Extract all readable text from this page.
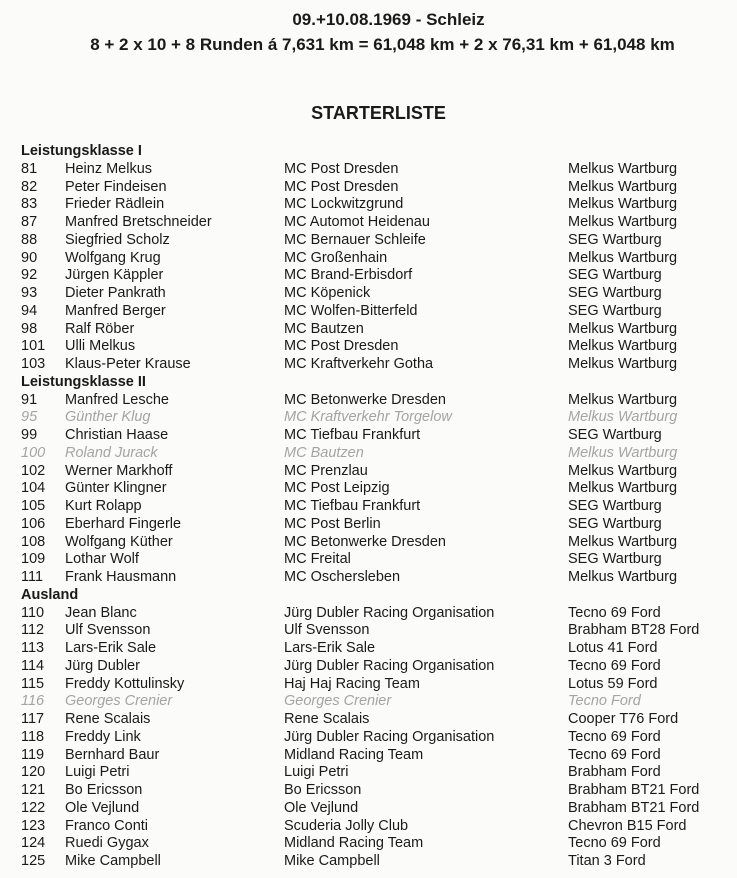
09.+10.08.1969 - Schleiz
8 + 2 x 10 + 8 Runden á 7,631 km = 61,048 km + 2 x 76,31 km + 61,048 km
STARTERLISTE
Leistungsklasse I
81 Heinz Melkus	MC Post Dresden	Melkus Wartburg
82 Peter Findeisen	MC Post Dresden	Melkus Wartburg
83 Frieder Rädlein	MC Lockwitzgrund	Melkus Wartburg
87 Manfred Bretschneider	MC Automot Heidenau	Melkus Wartburg
88 Siegfried Scholz	MC Bernauer Schleife	SEG Wartburg
90 Wolfgang Krug	MC Großenhain	Melkus Wartburg
92 Jürgen Käppler	MC Brand-Erbisdorf	SEG Wartburg
93 Dieter Pankrath	MC Köpenick	SEG Wartburg
94 Manfred Berger	MC Wolfen-Bitterfeld	SEG Wartburg
98 Ralf Röber	MC Bautzen	Melkus Wartburg
101 Ulli Melkus	MC Post Dresden	Melkus Wartburg
103 Klaus-Peter Krause	MC Kraftverkehr Gotha	Melkus Wartburg
Leistungsklasse II
91 Manfred Lesche	MC Betonwerke Dresden	Melkus Wartburg
95 Günther Klug	MC Kraftverkehr Torgelow	Melkus Wartburg
99 Christian Haase	MC Tiefbau Frankfurt	SEG Wartburg
100 Roland Jurack	MC Bautzen	Melkus Wartburg
102 Werner Markhoff	MC Prenzlau	Melkus Wartburg
104 Günter Klingner	MC Post Leipzig	Melkus Wartburg
105 Kurt Rolapp	MC Tiefbau Frankfurt	SEG Wartburg
106 Eberhard Fingerle	MC Post Berlin	SEG Wartburg
108 Wolfgang Küther	MC Betonwerke Dresden	Melkus Wartburg
109 Lothar Wolf	MC Freital	SEG Wartburg
111 Frank Hausmann	MC Oschersleben	Melkus Wartburg
Ausland
110 Jean Blanc	Jürg Dubler Racing Organisation	Tecno 69 Ford
112 Ulf Svensson	Ulf Svensson	Brabham BT28 Ford
113 Lars-Erik Sale	Lars-Erik Sale	Lotus 41 Ford
114 Jürg Dubler	Jürg Dubler Racing Organisation	Tecno 69 Ford
115 Freddy Kottulinsky	Haj Haj Racing Team	Lotus 59 Ford
116 Georges Crenier	Georges Crenier	Tecno Ford
117 Rene Scalais	Rene Scalais	Cooper T76 Ford
118 Freddy Link	Jürg Dubler Racing Organisation	Tecno 69 Ford
119 Bernhard Baur	Midland Racing Team	Tecno 69 Ford
120 Luigi Petri	Luigi Petri	Brabham Ford
121 Bo Ericsson	Bo Ericsson	Brabham BT21 Ford
122 Ole Vejlund	Ole Vejlund	Brabham BT21 Ford
123 Franco Conti	Scuderia Jolly Club	Chevron B15 Ford
124 Ruedi Gygax	Midland Racing Team	Tecno 69 Ford
125 Mike Campbell	Mike Campbell	Titan 3 Ford
